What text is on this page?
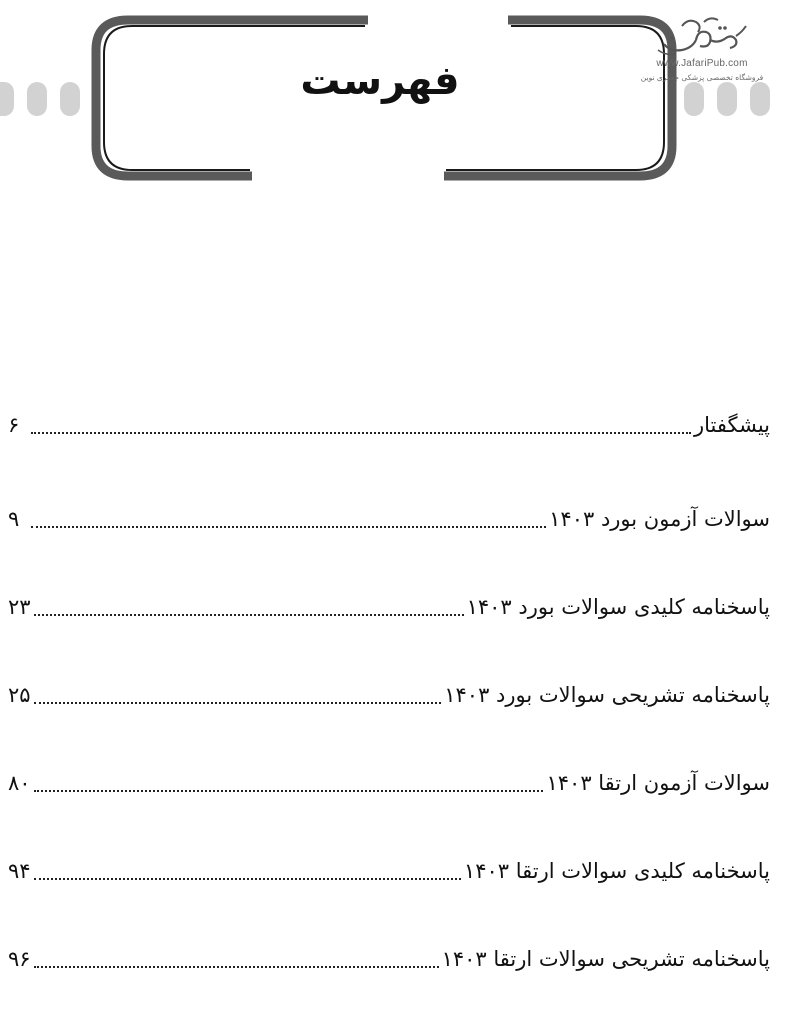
فهرست	www.JafariPub.com
فروشگاه تخصصی پزشکی جعفری نوین
پیشگفتار
۶
سوالات آزمون بورد ۱۴۰۳
۹
پاسخنامه کلیدی سوالات بورد ۱۴۰۳
۲۳
پاسخنامه تشریحی سوالات بورد ۱۴۰۳
۲۵
سوالات آزمون ارتقا ۱۴۰۳
۸۰
پاسخنامه کلیدی سوالات ارتقا ۱۴۰۳
۹۴
پاسخنامه تشریحی سوالات ارتقا ۱۴۰۳
۹۶
